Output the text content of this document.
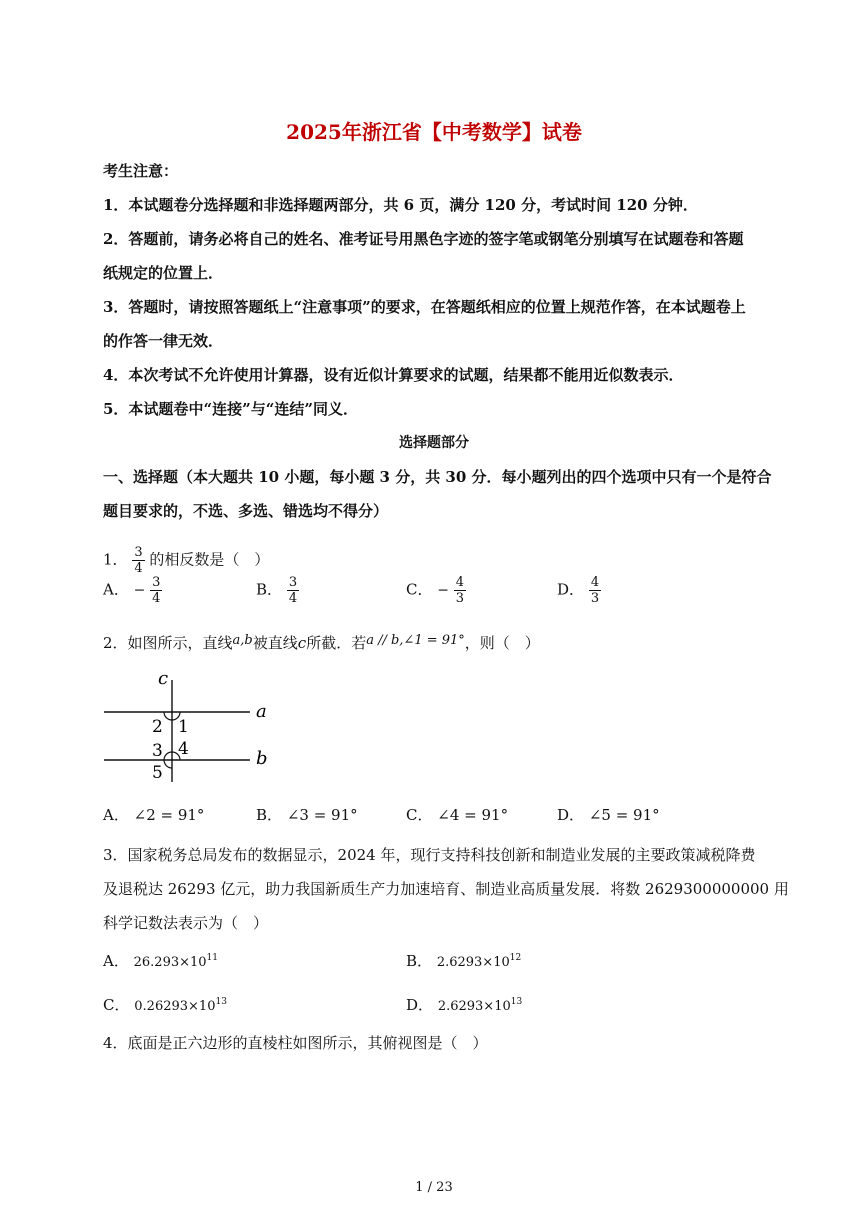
2025年浙江省【中考数学】试卷
考生注意：
1．本试题卷分选择题和非选择题两部分，共 6 页，满分 120 分，考试时间 120 分钟．
2．答题前，请务必将自己的姓名、准考证号用黑色字迹的签字笔或钢笔分别填写在试题卷和答题
纸规定的位置上．
3．答题时，请按照答题纸上“注意事项”的要求，在答题纸相应的位置上规范作答，在本试题卷上
的作答一律无效．
4．本次考试不允许使用计算器，设有近似计算要求的试题，结果都不能用近似数表示．
5．本试题卷中“连接”与“连结”同义．
选择题部分
一、选择题（本大题共 10 小题，每小题 3 分，共 30 分．每小题列出的四个选项中只有一个是符合
题目要求的，不选、多选、错选均不得分）
1． $\frac{3}{4}$ 的相反数是（　）
A． − $\frac{3}{4}$	B． $\frac{3}{4}$	C． − $\frac{4}{3}$	D． $\frac{4}{3}$
2．如图所示，直线a,b被直线c所截．若a // b,∠1 = 91°，则（　）
c
a
b
2 1
3 4
5
A． ∠2 = 91°	B． ∠3 = 91°	C． ∠4 = 91°	D． ∠5 = 91°
3．国家税务总局发布的数据显示，2024 年，现行支持科技创新和制造业发展的主要政策减税降费
及退税达 26293 亿元，助力我国新质生产力加速培育、制造业高质量发展．将数 2629300000000 用
科学记数法表示为（　）
A． $26.293\times 10^{11}$	B． $2.6293\times 10^{12}$
C． $0.26293\times 10^{13}$	D． $2.6293\times 10^{13}$
4．底面是正六边形的直棱柱如图所示，其俯视图是（　）
1 / 23
